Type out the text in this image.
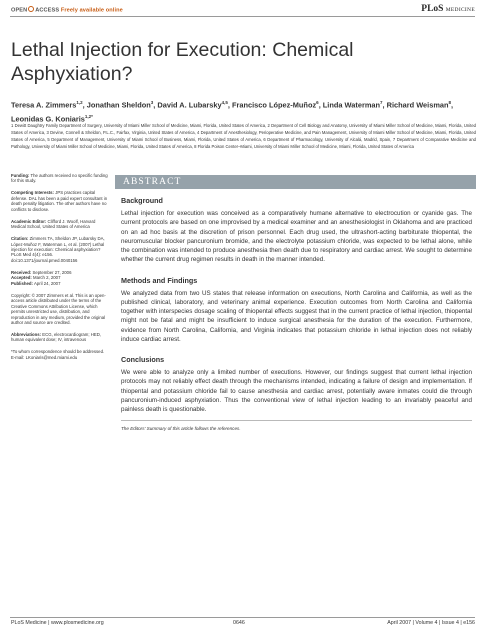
OPEN ACCESS Freely available online	PLoS MEDICINE
Lethal Injection for Execution: Chemical Asphyxiation?
Teresa A. Zimmers$^{1,2}$, Jonathan Sheldon$^3$, David A. Lubarsky$^{4,5}$, Francisco López-Muñoz$^6$, Linda Waterman$^7$, Richard Weisman$^8$, Leonidas G. Koniaris$^{1,2*}$
1 Dewitt Daughtry Family Department of Surgery, University of Miami Miller School of Medicine, Miami, Florida, United States of America, 2 Department of Cell Biology and Anatomy, University of Miami Miller School of Medicine, Miami, Florida, United States of America, 3 Devine, Connell & Sheldon, P.L.C., Fairfax, Virginia, United States of America, 4 Department of Anesthesiology, Perioperative Medicine, and Pain Management, University of Miami Miller School of Medicine, Miami, Florida, United States of America, 5 Department of Management, University of Miami School of Business, Miami, Florida, United States of America, 6 Department of Pharmacology, University of Alcalá, Madrid, Spain, 7 Department of Comparative Medicine and Pathology, University of Miami Miller School of Medicine, Miami, Florida, United States of America, 8 Florida Poison Center–Miami, University of Miami Miller School of Medicine, Miami, Florida, United States of America
Funding: The authors received no specific funding for this study.
Competing Interests: JPS practices capital defense. DAL has been a paid expert consultant in death penalty litigation. The other authors have no conflicts to disclose.
Academic Editor: Clifford J. Woolf, Harvard Medical School, United States of America
Citation: Zimmers TA, Sheldon JP, Lubarsky DA, López-Muñoz F, Waterman L, et al. (2007) Lethal injection for execution: Chemical asphyxiation? PLoS Med 4(4): e156. doi:10.1371/journal.pmed.0040156
Received: September 27, 2006
Accepted: March 2, 2007
Published: April 24, 2007
Copyright: © 2007 Zimmers et al. This is an open-access article distributed under the terms of the Creative Commons Attribution License, which permits unrestricted use, distribution, and reproduction in any medium, provided the original author and source are credited.
Abbreviations: ECG, electrocardiogram; HED, human equivalent dose; IV, intravenous
*To whom correspondence should be addressed. E-mail: LKoniaris@med.miami.edu
ABSTRACT
Background

Lethal injection for execution was conceived as a comparatively humane alternative to electrocution or cyanide gas. The current protocols are based on one improvised by a medical examiner and an anesthesiologist in Oklahoma and are practiced on an ad hoc basis at the discretion of prison personnel. Each drug used, the ultrashort-acting barbiturate thiopental, the neuromuscular blocker pancuronium bromide, and the electrolyte potassium chloride, was expected to be lethal alone, while the combination was intended to produce anesthesia then death due to respiratory and cardiac arrest. We sought to determine whether the current drug regimen results in death in the manner intended.

Methods and Findings

We analyzed data from two US states that release information on executions, North Carolina and California, as well as the published clinical, laboratory, and veterinary animal experience. Execution outcomes from North Carolina and California together with interspecies dosage scaling of thiopental effects suggest that in the current practice of lethal injection, thiopental might not be fatal and might be insufficient to induce surgical anesthesia for the duration of the execution. Furthermore, evidence from North Carolina, California, and Virginia indicates that potassium chloride in lethal injection does not reliably induce cardiac arrest.

Conclusions

We were able to analyze only a limited number of executions. However, our findings suggest that current lethal injection protocols may not reliably effect death through the mechanisms intended, indicating a failure of design and implementation. If thiopental and potassium chloride fail to cause anesthesia and cardiac arrest, potentially aware inmates could die through pancuronium-induced asphyxiation. Thus the conventional view of lethal injection leading to an invariably peaceful and painless death is questionable.

The Editors' Summary of this article follows the references.
PLoS Medicine | www.plosmedicine.org	0646	April 2007 | Volume 4 | Issue 4 | e156
